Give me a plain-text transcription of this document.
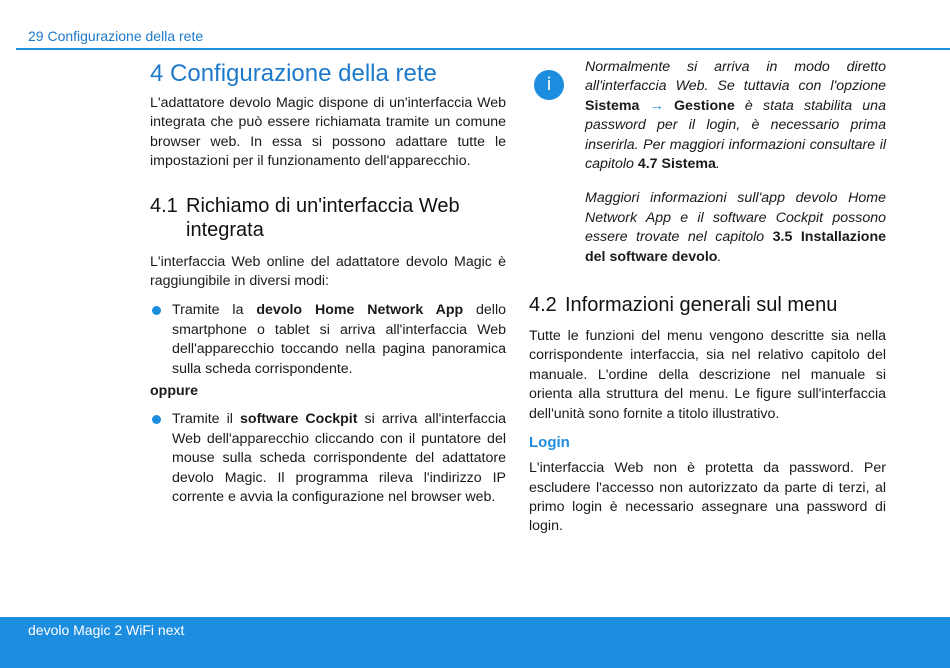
29 Configurazione della rete
4 Configurazione della rete

L'adattatore devolo Magic dispone di un'interfaccia Web integrata che può essere richiamata tramite un comune browser web. In essa si possono adattare tutte le impostazioni per il funzionamento dell'apparecchio.

4.1 Richiamo di un'interfaccia Web integrata

L'interfaccia Web online del adattatore devolo Magic è raggiungibile in diversi modi:

Tramite la devolo Home Network App dello smartphone o tablet si arriva all'interfaccia Web dell'apparecchio toccando nella pagina panoramica sulla scheda corrispondente.

oppure

Tramite il software Cockpit si arriva all'interfaccia Web dell'apparecchio cliccando con il puntatore del mouse sulla scheda corrispondente del adattatore devolo Magic. Il programma rileva l'indirizzo IP corrente e avvia la configurazione nel browser web.

i

Normalmente si arriva in modo diretto all'interfaccia Web. Se tuttavia con l'opzione Sistema → Gestione è stata stabilita una password per il login, è necessario prima inserirla. Per maggiori informazioni consultare il capitolo 4.7 Sistema.

Maggiori informazioni sull'app devolo Home Network App e il software Cockpit possono essere trovate nel capitolo 3.5 Installazione del software devolo.

4.2 Informazioni generali sul menu

Tutte le funzioni del menu vengono descritte sia nella corrispondente interfaccia, sia nel relativo capitolo del manuale. L'ordine della descrizione nel manuale si orienta alla struttura del menu. Le figure sull'interfaccia dell'unità sono fornite a titolo illustrativo.

Login

L'interfaccia Web non è protetta da password. Per escludere l'accesso non autorizzato da parte di terzi, al primo login è necessario assegnare una password di login.

devolo Magic 2 WiFi next
